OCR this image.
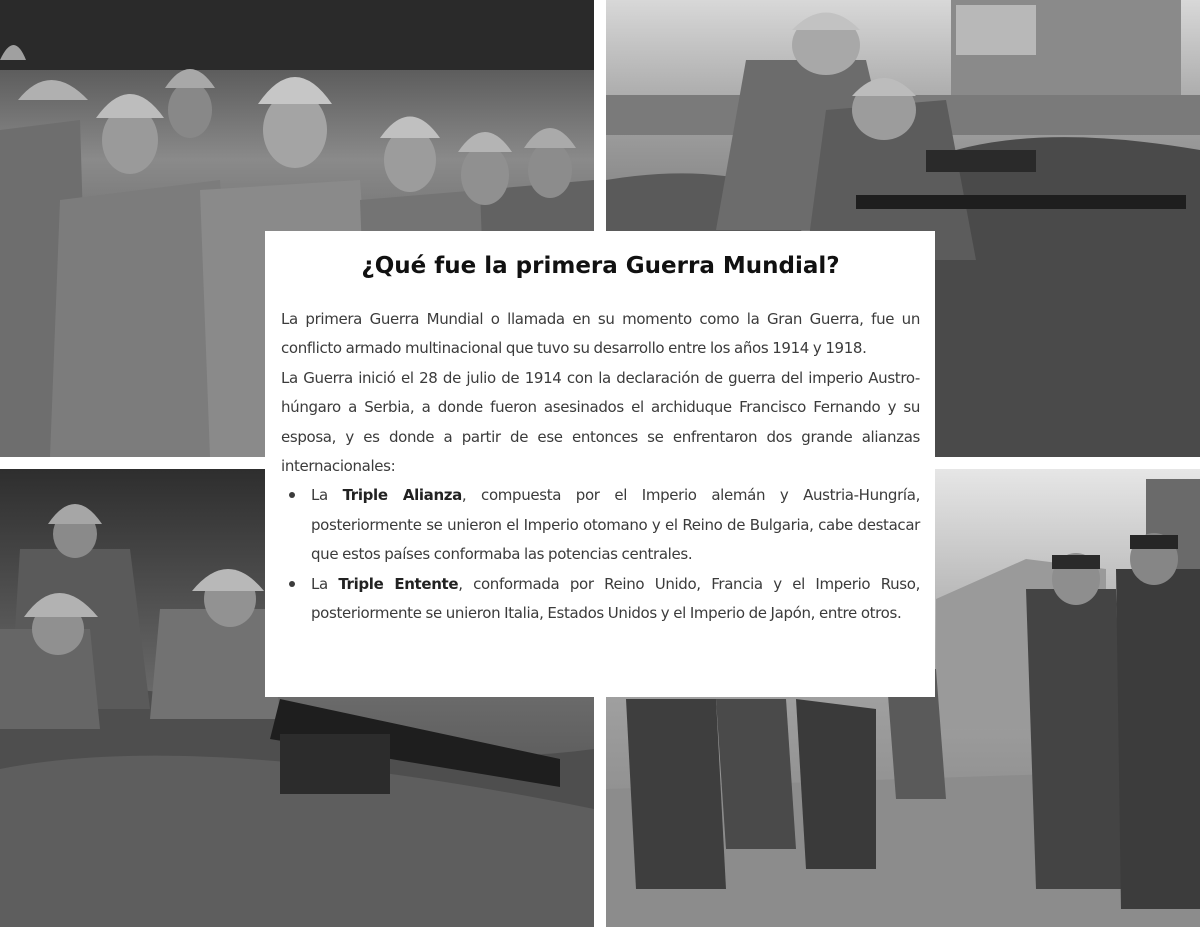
¿Qué fue la primera Guerra Mundial?

La primera Guerra Mundial o llamada en su momento como la Gran Guerra, fue un conflicto armado multinacional que tuvo su desarrollo entre los años 1914 y 1918.

La Guerra inició el 28 de julio de 1914 con la declaración de guerra del imperio Austro-húngaro a Serbia, a donde fueron asesinados el archiduque Francisco Fernando y su esposa, y es donde a partir de ese entonces se enfrentaron dos grande alianzas internacionales:

La Triple Alianza, compuesta por el Imperio alemán y Austria-Hungría, posteriormente se unieron el Imperio otomano y el Reino de Bulgaria, cabe destacar que estos países conformaba las potencias centrales.
La Triple Entente, conformada por Reino Unido, Francia y el Imperio Ruso, posteriormente se unieron Italia, Estados Unidos y el Imperio de Japón, entre otros.
